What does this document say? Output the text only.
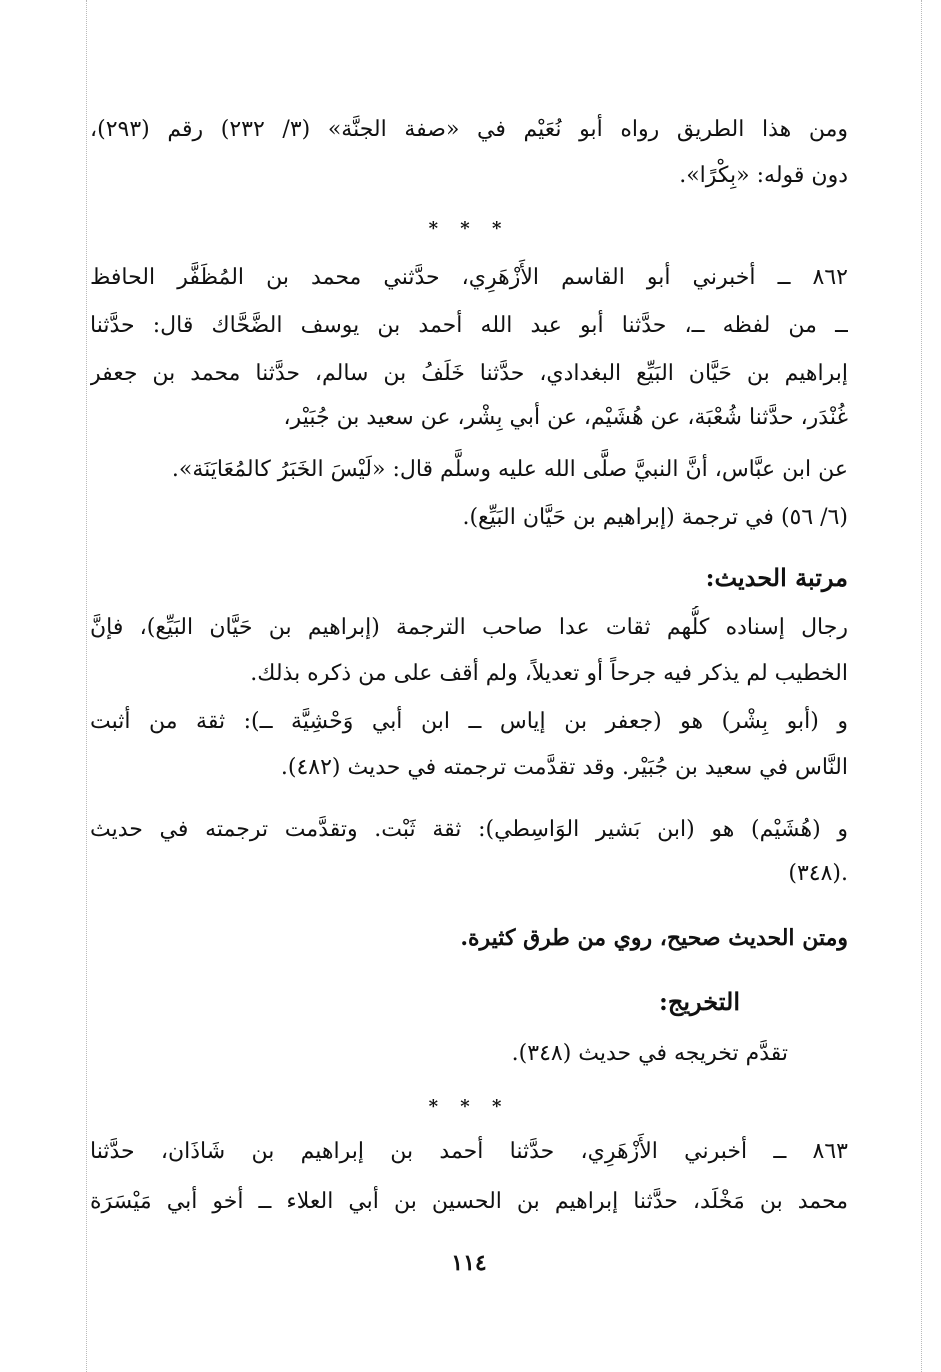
ومن هذا الطريق رواه أبو نُعَيْم في «صفة الجنَّة» (٣/ ٢٣٢) رقم (٢٩٣)،
دون قوله: «بِكْرًا».
* * *
٨٦٢ ــ أخبرني أبو القاسم الأَزْهَرِي، حدَّثني محمد بن المُظَفَّر الحافظ
ــ من لفظه ــ، حدَّثنا أبو عبد الله أحمد بن يوسف الضَّحَّاك قال: حدَّثنا
إبراهيم بن حَيَّان البَيِّع البغدادي، حدَّثنا خَلَفُ بن سالم، حدَّثنا محمد بن جعفر
غُنْدَر، حدَّثنا شُعْبَة، عن هُشَيْم، عن أبي بِشْر، عن سعيد بن جُبَيْر،
عن ابن عبَّاس، أنَّ النبيَّ صلَّى الله عليه وسلَّم قال: «لَيْسَ الخَبَرُ كالمُعَايَنَة».
(٦/ ٥٦) في ترجمة (إبراهيم بن حَيَّان البَيِّع).
مرتبة الحديث:
رجال إسناده كلُّهم ثقات عدا صاحب الترجمة (إبراهيم بن حَيَّان البَيِّع)، فإنَّ
الخطيب لم يذكر فيه جرحاً أو تعديلاً، ولم أقف على من ذكره بذلك.
و (أبو بِشْر) هو (جعفر بن إياس ــ ابن أبي وَحْشِيَّة ــ): ثقة من أثبت
النَّاس في سعيد بن جُبَيْر. وقد تقدَّمت ترجمته في حديث (٤٨٢).
و (هُشَيْم) هو (ابن بَشير الوَاسِطي): ثقة ثَبْت. وتقدَّمت ترجمته في حديث
(٣٤٨).
ومتن الحديث صحيح، روي من طرق كثيرة.
التخريج:
تقدَّم تخريجه في حديث (٣٤٨).
* * *
٨٦٣ ــ أخبرني الأَزْهَرِي، حدَّثنا أحمد بن إبراهيم بن شَاذَان، حدَّثنا
محمد بن مَخْلَد، حدَّثنا إبراهيم بن الحسين بن أبي العلاء ــ أخو أبي مَيْسَرَة
١١٤
